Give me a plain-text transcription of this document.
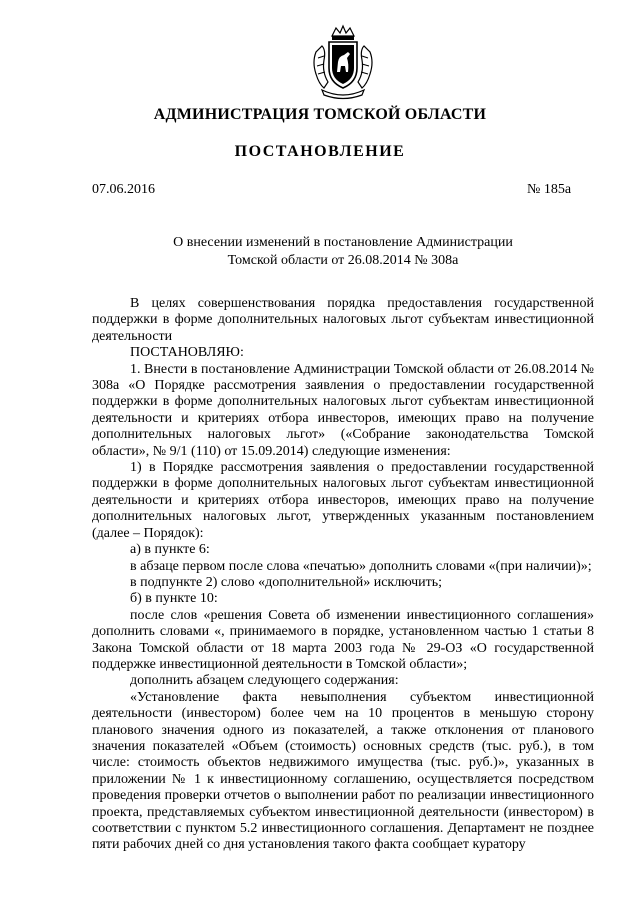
АДМИНИСТРАЦИЯ ТОМСКОЙ ОБЛАСТИ
ПОСТАНОВЛЕНИЕ
07.06.2016	№ 185а
О внесении изменений в постановление Администрации
Томской области от 26.08.2014 № 308а

В целях совершенствования порядка предоставления государственной поддержки в форме дополнительных налоговых льгот субъектам инвестиционной деятельности

ПОСТАНОВЛЯЮ:

1. Внести в постановление Администрации Томской области от 26.08.2014 № 308а «О Порядке рассмотрения заявления о предоставлении государственной поддержки в форме дополнительных налоговых льгот субъектам инвестиционной деятельности и критериях отбора инвесторов, имеющих право на получение дополнительных налоговых льгот» («Собрание законодательства Томской области», № 9/1 (110) от 15.09.2014) следующие изменения:

1) в Порядке рассмотрения заявления о предоставлении государственной поддержки в форме дополнительных налоговых льгот субъектам инвестиционной деятельности и критериях отбора инвесторов, имеющих право на получение дополнительных налоговых льгот, утвержденных указанным постановлением (далее – Порядок):

а) в пункте 6:

в абзаце первом после слова «печатью» дополнить словами «(при наличии)»;

в подпункте 2) слово «дополнительной» исключить;

б) в пункте 10:

после слов «решения Совета об изменении инвестиционного соглашения» дополнить словами «, принимаемого в порядке, установленном частью 1 статьи 8 Закона Томской области от 18 марта 2003 года № 29-ОЗ «О государственной поддержке инвестиционной деятельности в Томской области»;

дополнить абзацем следующего содержания:

«Установление факта невыполнения субъектом инвестиционной деятельности (инвестором) более чем на 10 процентов в меньшую сторону планового значения одного из показателей, а также отклонения от планового значения показателей «Объем (стоимость) основных средств (тыс. руб.), в том числе: стоимость объектов недвижимого имущества (тыс. руб.)», указанных в приложении № 1 к инвестиционному соглашению, осуществляется посредством проведения проверки отчетов о выполнении работ по реализации инвестиционного проекта, представляемых субъектом инвестиционной деятельности (инвестором) в соответствии с пунктом 5.2 инвестиционного соглашения. Департамент не позднее пяти рабочих дней со дня установления такого факта сообщает куратору
